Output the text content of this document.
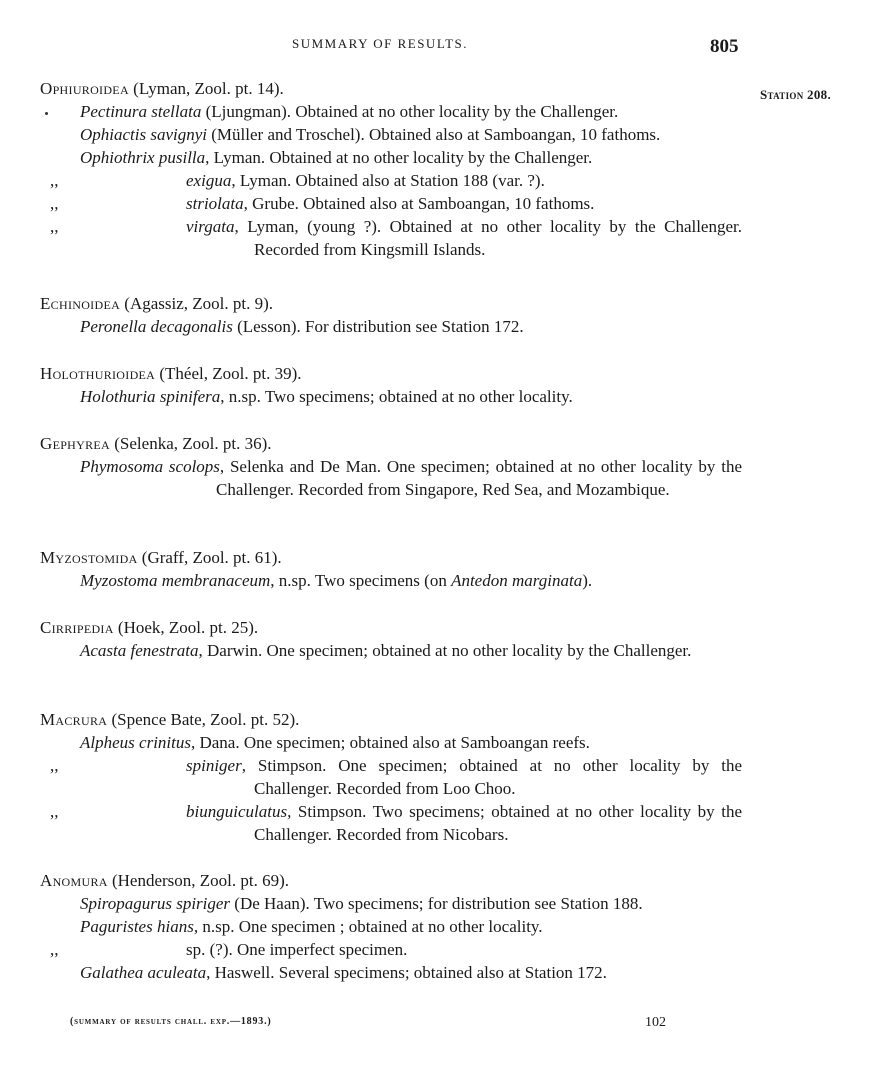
SUMMARY OF RESULTS.	805
Station 208.
Ophiuroidea (Lyman, Zool. pt. 14).
Pectinura stellata (Ljungman). Obtained at no other locality by the Challenger.
Ophiactis savignyi (Müller and Troschel). Obtained also at Samboangan, 10 fathoms.
Ophiothrix pusilla, Lyman. Obtained at no other locality by the Challenger.
,,	exigua, Lyman. Obtained also at Station 188 (var. ?).
,,	striolata, Grube. Obtained also at Samboangan, 10 fathoms.
,,	virgata, Lyman, (young ?). Obtained at no other locality by the Challenger. Recorded from Kingsmill Islands.
Echinoidea (Agassiz, Zool. pt. 9).
Peronella decagonalis (Lesson). For distribution see Station 172.
Holothurioidea (Théel, Zool. pt. 39).
Holothuria spinifera, n.sp. Two specimens; obtained at no other locality.
Gephyrea (Selenka, Zool. pt. 36).
Phymosoma scolops, Selenka and De Man. One specimen; obtained at no other locality by the Challenger. Recorded from Singapore, Red Sea, and Mozambique.
Myzostomida (Graff, Zool. pt. 61).
Myzostoma membranaceum, n.sp. Two specimens (on Antedon marginata).
Cirripedia (Hoek, Zool. pt. 25).
Acasta fenestrata, Darwin. One specimen; obtained at no other locality by the Challenger.
Macrura (Spence Bate, Zool. pt. 52).
Alpheus crinitus, Dana. One specimen; obtained also at Samboangan reefs.
,,	spiniger, Stimpson. One specimen; obtained at no other locality by the Challenger. Recorded from Loo Choo.
,,	biunguiculatus, Stimpson. Two specimens; obtained at no other locality by the Challenger. Recorded from Nicobars.
Anomura (Henderson, Zool. pt. 69).
Spiropagurus spiriger (De Haan). Two specimens; for distribution see Station 188.
Paguristes hians, n.sp. One specimen ; obtained at no other locality.
,,	sp. (?). One imperfect specimen.
Galathea aculeata, Haswell. Several specimens; obtained also at Station 172.
(summary of results chall. exp.—1893.)	102
